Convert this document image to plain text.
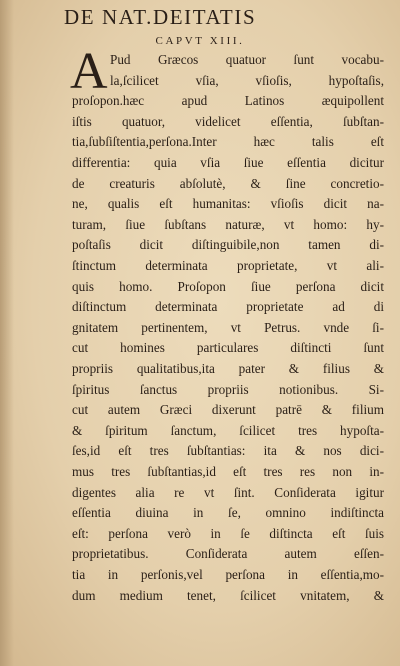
DE NAT.DEITATIS
CAPVT XIII.
A Pud Græcos quatuor ſunt vocabu-
la,ſcilicet vſia, vſioſis, hypoſtaſis,
proſopon.hæc apud Latinos æquipollent
iſtis quatuor, videlicet eſſentia, ſubſtan-
tia,ſubſiſtentia,perſona.Inter hæc talis eſt
differentia: quia vſia ſiue eſſentia dicitur
de creaturis abſolutè, & ſine concretio-
ne, qualis eſt humanitas: vſioſis dicit na-
turam, ſiue ſubſtans naturæ, vt homo: hy-
poſtaſis dicit diſtinguibile,non tamen di-
ſtinctum determinata proprietate, vt ali-
quis homo. Proſopon ſiue perſona dicit
diſtinctum determinata proprietate ad di
gnitatem pertinentem, vt Petrus. vnde ſi-
cut homines particulares diſtincti ſunt
propriis qualitatibus,ita pater & filius &
ſpiritus ſanctus propriis notionibus. Si-
cut autem Græci dixerunt patrē & filium
& ſpiritum ſanctum, ſcilicet tres hypoſta-
ſes,id eſt tres ſubſtantias: ita & nos dici-
mus tres ſubſtantias,id eſt tres res non in-
digentes alia re vt ſint. Conſiderata igitur
eſſentia diuina in ſe, omnino indiſtincta
eſt: perſona verò in ſe diſtincta eſt ſuis
proprietatibus. Conſiderata autem eſſen-
tia in perſonis,vel perſona in eſſentia,mo-
dum medium tenet, ſcilicet vnitatem, &
